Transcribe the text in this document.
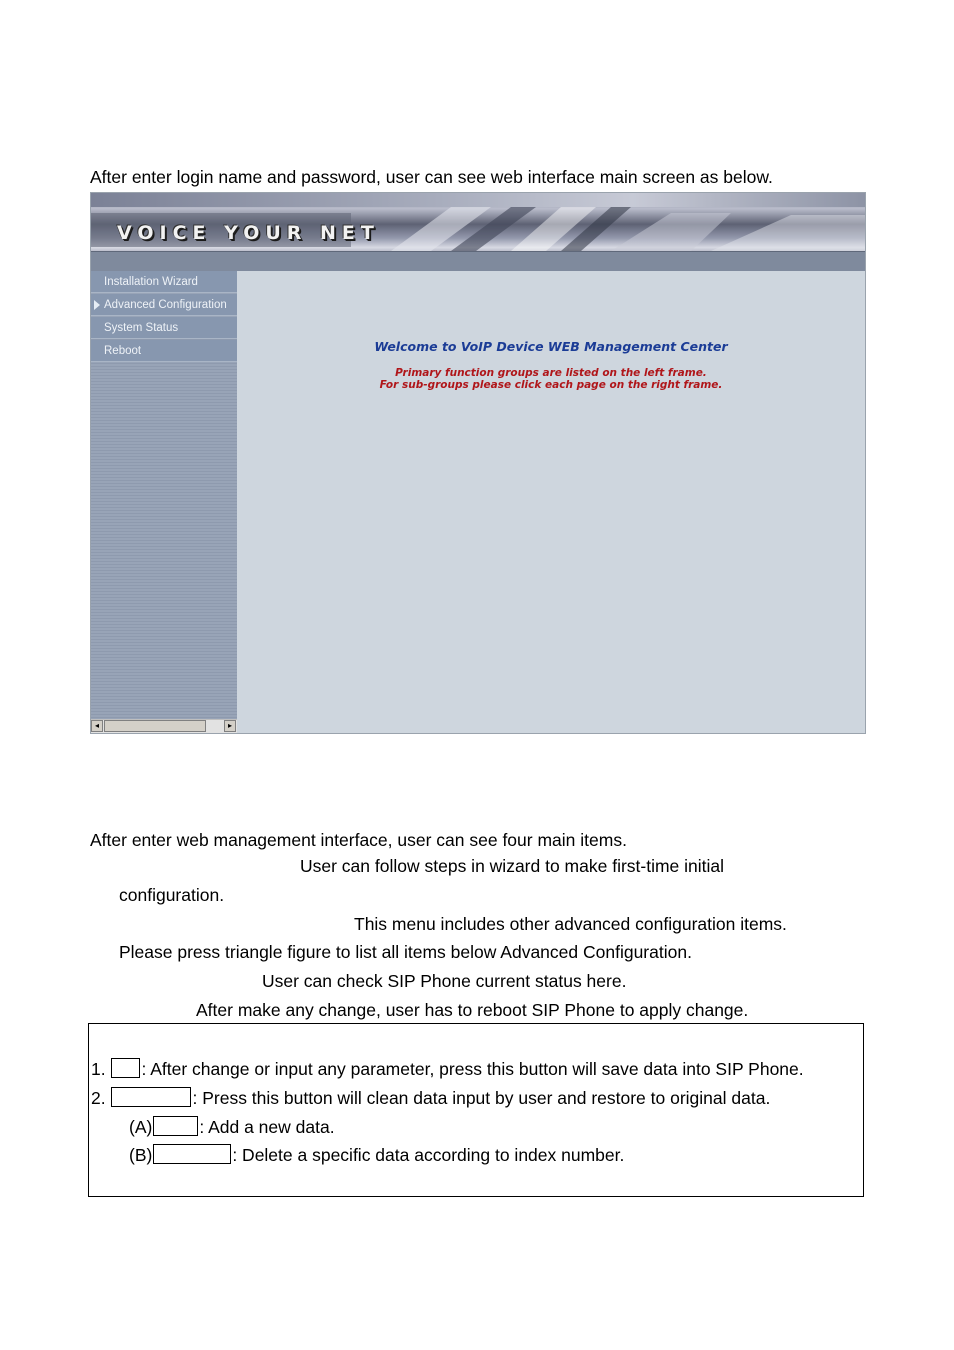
After enter login name and password, user can see web interface main screen as below.
VOICE YOUR NET
Installation Wizard
Advanced Configuration
System Status
Reboot
◂	▸
Welcome to VoIP Device WEB Management Center
Primary function groups are listed on the left frame.
For sub-groups please click each page on the right frame.
After enter web management interface, user can see four main items.
User can follow steps in wizard to make first-time initial
configuration.
This menu includes other advanced configuration items.
Please press triangle figure to list all items below Advanced Configuration.
User can check SIP Phone current status here.
After make any change, user has to reboot SIP Phone to apply change.
1. : After change or input any parameter, press this button will save data into SIP Phone.
2.	: Press this button will clean data input by user and restore to original data.
(A)	: Add a new data.
(B)	: Delete a specific data according to index number.
